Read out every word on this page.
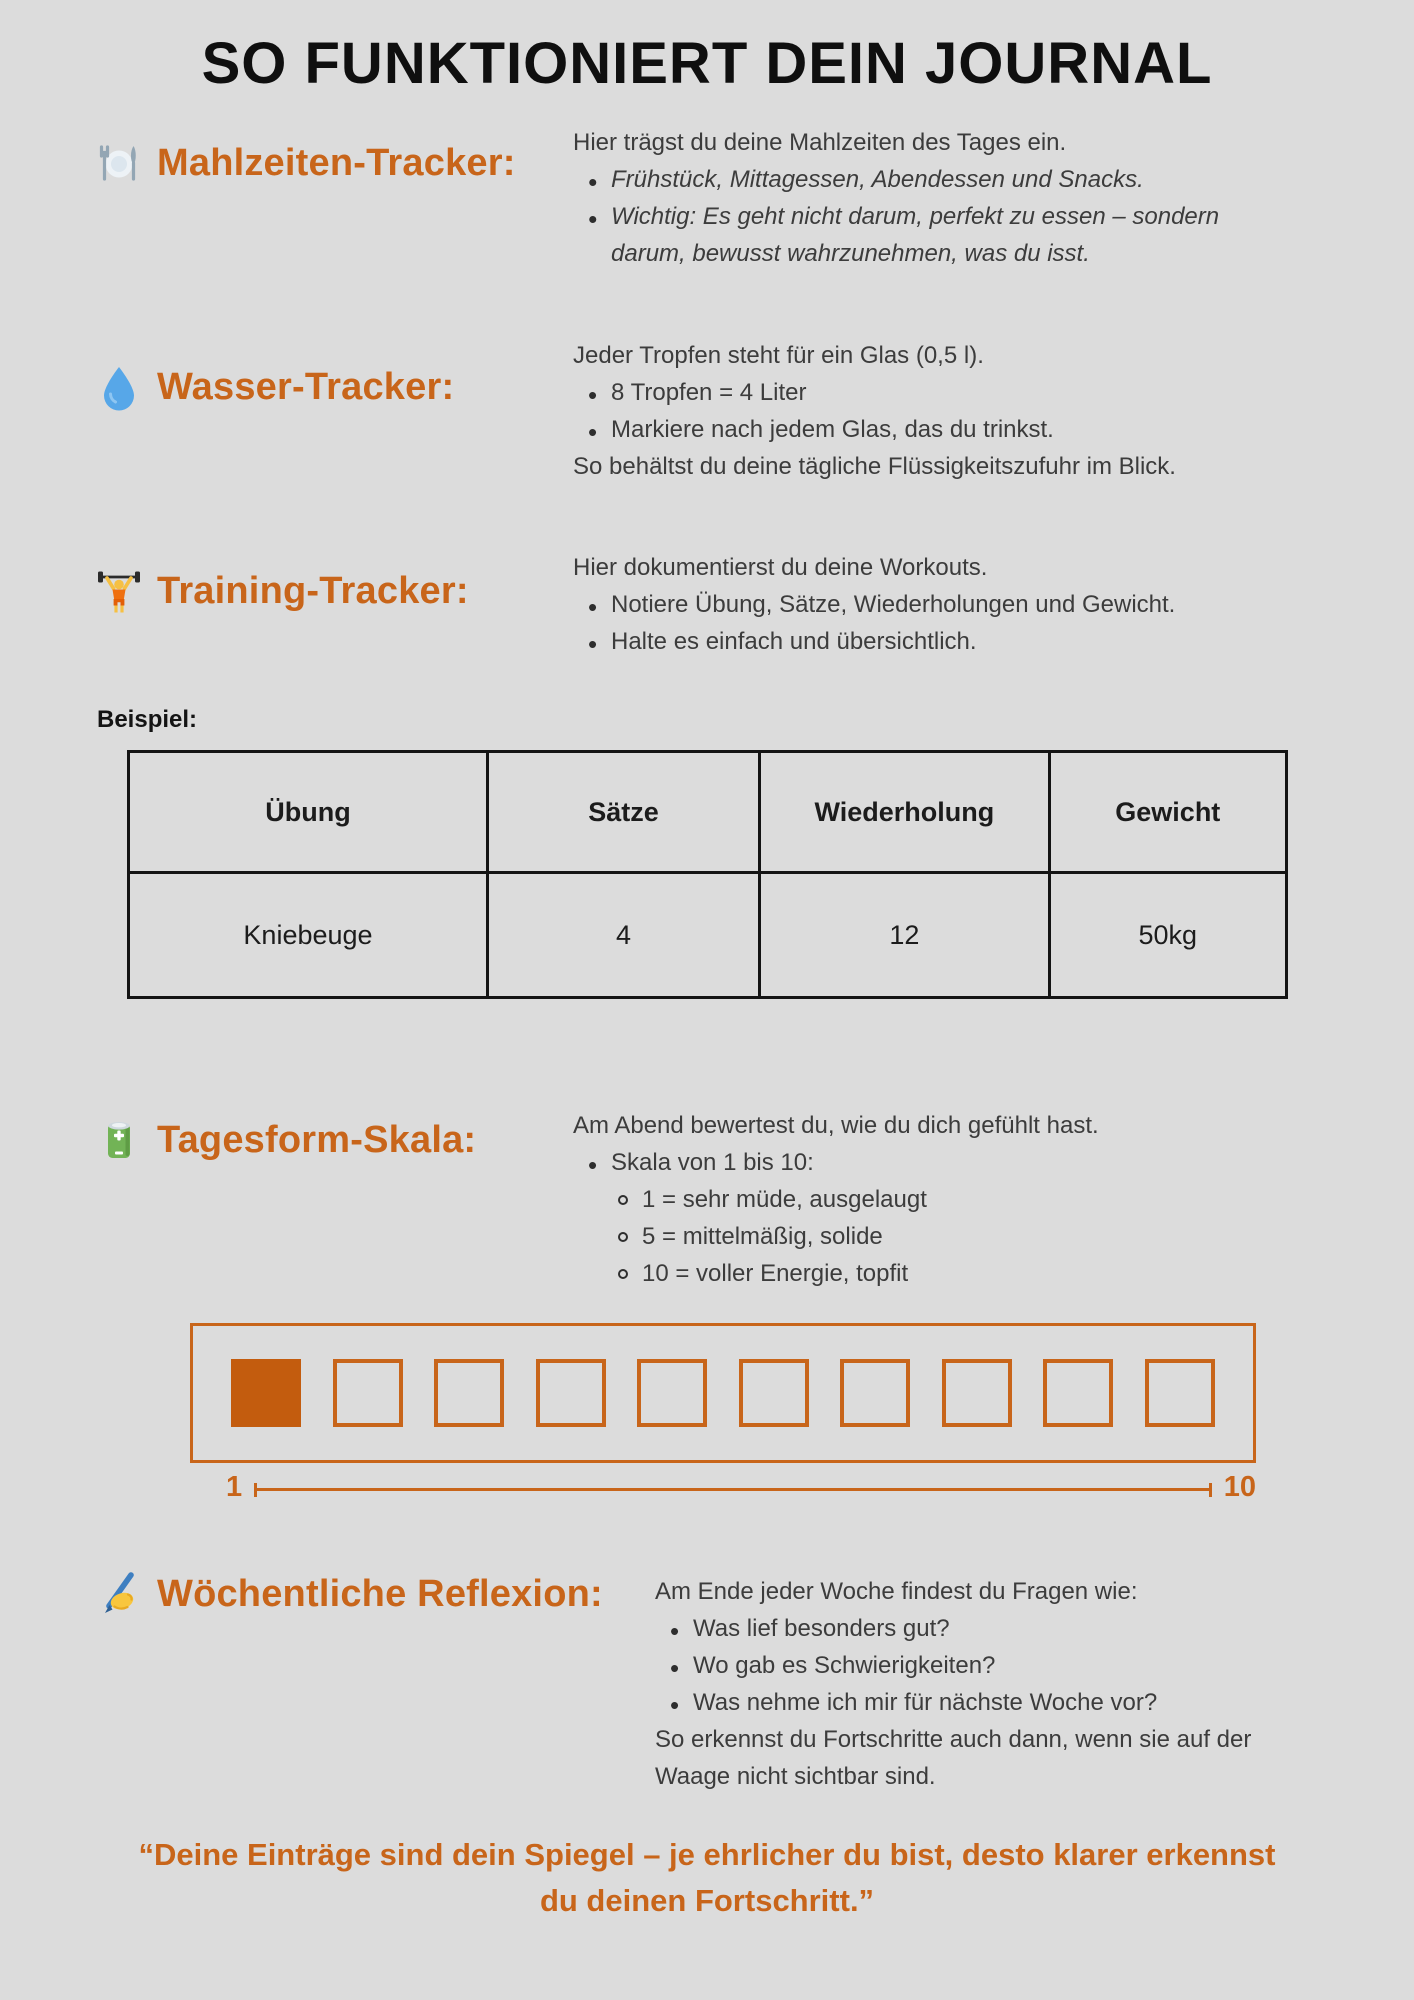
SO FUNKTIONIERT DEIN JOURNAL
Mahlzeiten-Tracker: Hier trägst du deine Mahlzeiten des Tages ein.

• Frühstück, Mittagessen, Abendessen und Snacks.
• Wichtig: Es geht nicht darum, perfekt zu essen – sondern darum, bewusst wahrzunehmen, was du isst.
Wasser-Tracker:

Jeder Tropfen steht für ein Glas (0,5 l).

• 8 Tropfen = 4 Liter
• Markiere nach jedem Glas, das du trinkst.

So behältst du deine tägliche Flüssigkeitszufuhr im Blick.

Training-Tracker:

Hier dokumentierst du deine Workouts.

• Notiere Übung, Sätze, Wiederholungen und Gewicht.
• Halte es einfach und übersichtlich.
Beispiel:
Übung	Sätze	Wiederholung	Gewicht
Kniebeuge	4	12	50kg
Tagesform-Skala:	Am Abend bewertest du, wie du dich gefühlt hast.

• Skala von 1 bis 10:
1 = sehr müde, ausgelaugt
5 = mittelmäßig, solide
10 = voller Energie, topfit
1	10
Wöchentliche Reflexion: Am Ende jeder Woche findest du Fragen wie:

• Was lief besonders gut?
• Wo gab es Schwierigkeiten?
• Was nehme ich mir für nächste Woche vor?

So erkennst du Fortschritte auch dann, wenn sie auf der Waage nicht sichtbar sind.

“Deine Einträge sind dein Spiegel – je ehrlicher du bist, desto klarer erkennst du deinen Fortschritt.”
